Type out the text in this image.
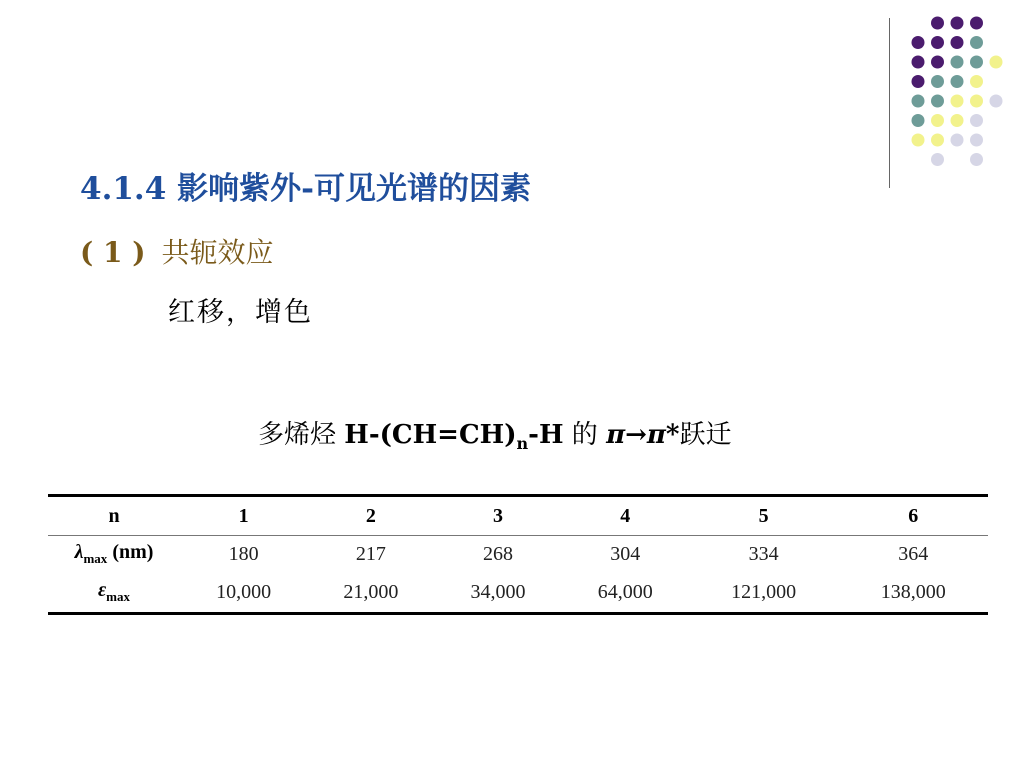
4.1.4 影响紫外-可见光谱的因素
( 1 ) 共轭效应
红移，增色
多烯烃 $H-(CH=CH)_n-H$ 的 π→π*跃迁
n	1	2	3	4	5	6
$\lambda_{max}$ (nm)	180	217	268	304	334	364
$\varepsilon_{max}$	10,000	21,000	34,000	64,000	121,000	138,000
